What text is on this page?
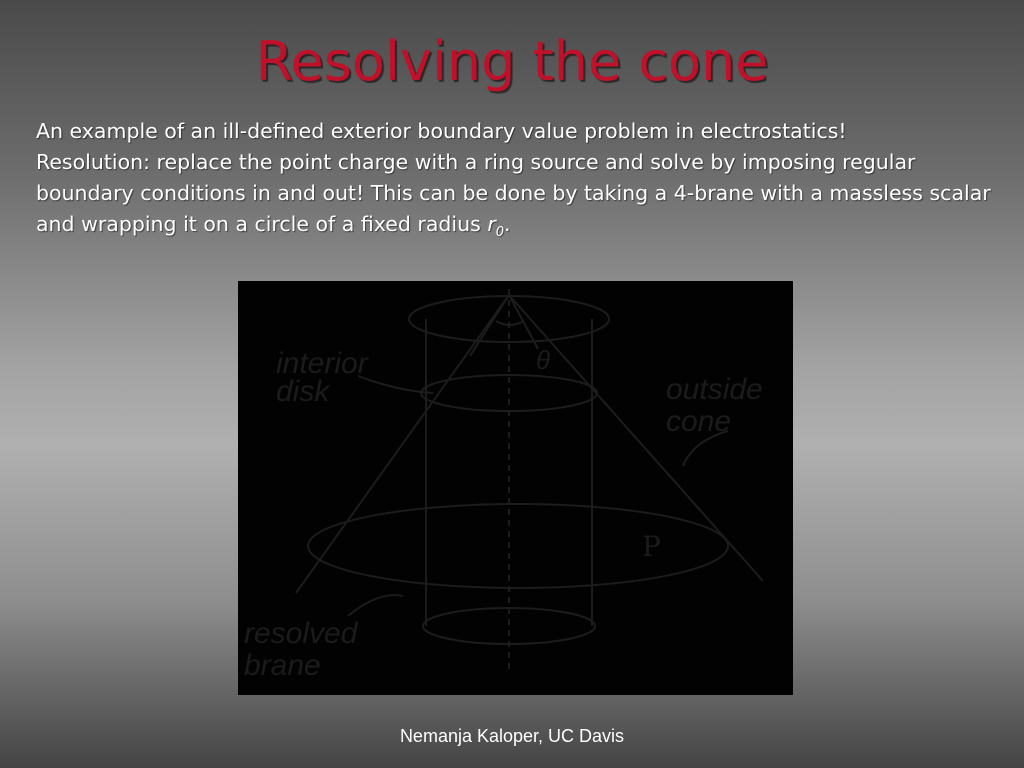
Resolving the cone

An example of an ill-defined exterior boundary value problem in electrostatics!
Resolution: replace the point charge with a ring source and solve by imposing regular boundary conditions in and out! This can be done by taking a 4-brane with a massless scalar and wrapping it on a circle of a fixed radius $r_0$.

interior
disk	outside
cone
resolved
brane
P
θ
Nemanja Kaloper, UC Davis
